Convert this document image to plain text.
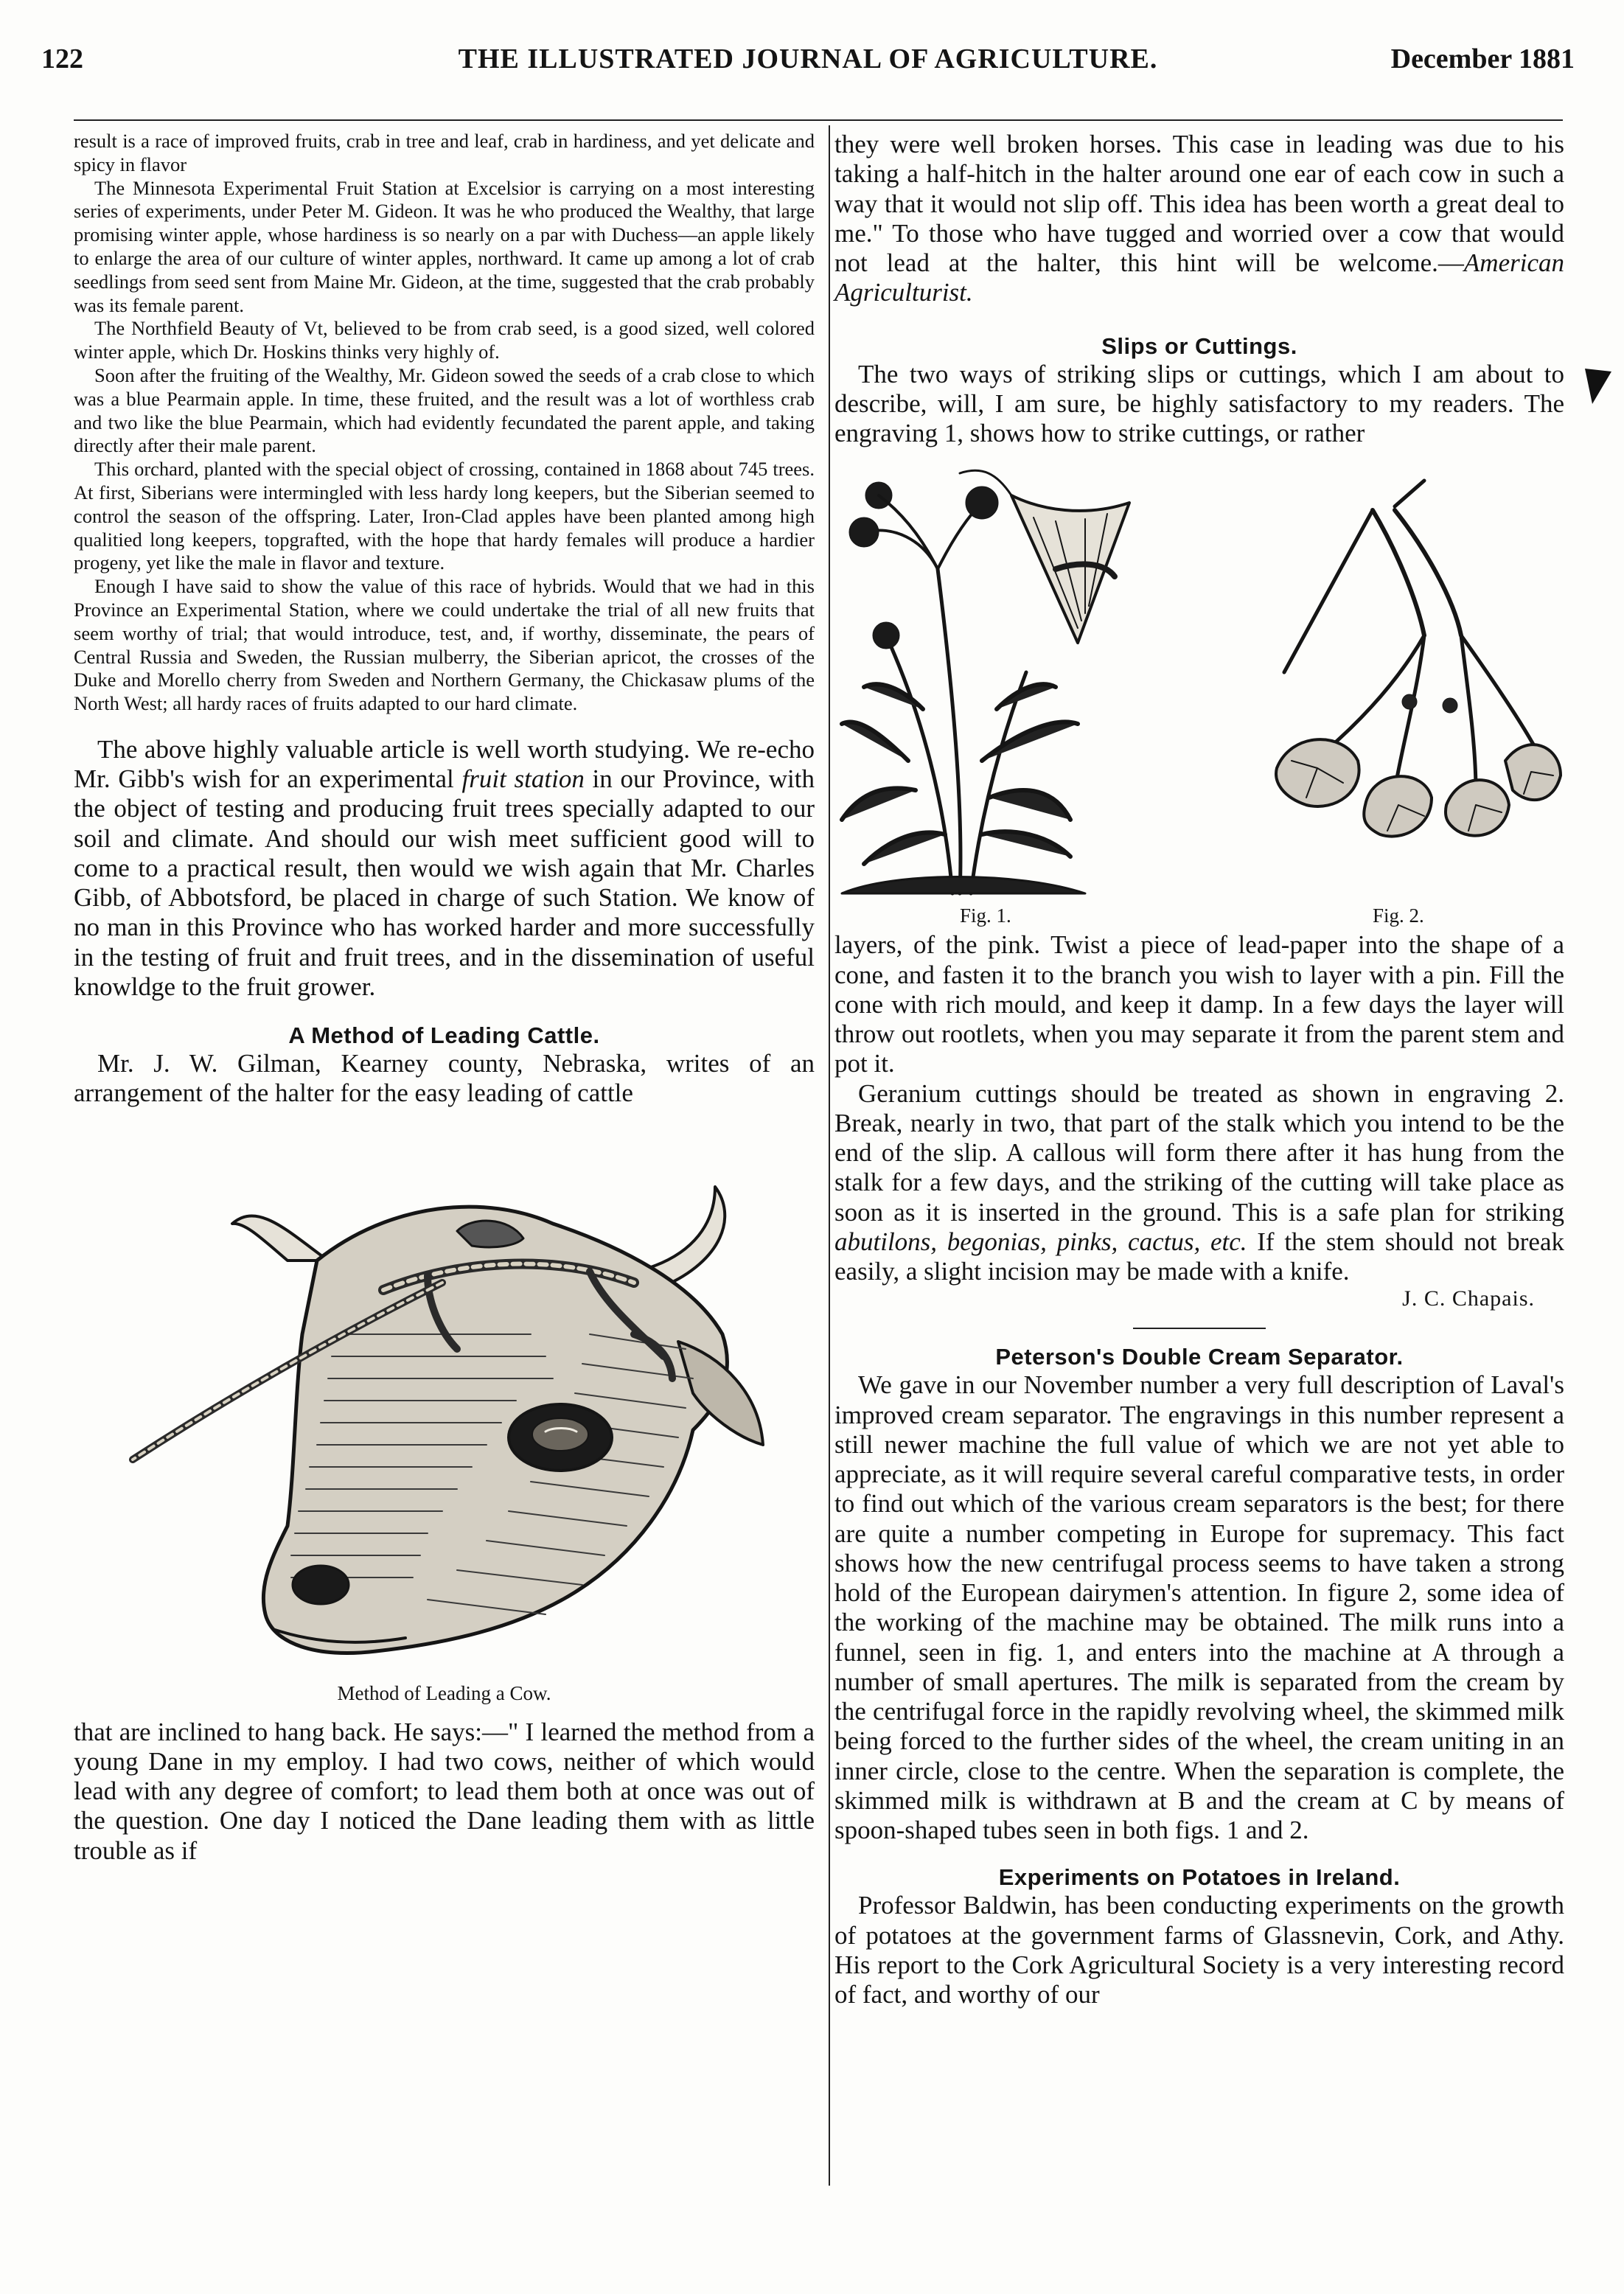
122	THE ILLUSTRATED JOURNAL OF AGRICULTURE.	December 1881

result is a race of improved fruits, crab in tree and leaf, crab in hardiness, and yet delicate and spicy in flavor

The Minnesota Experimental Fruit Station at Excelsior is carrying on a most interesting series of experiments, under Peter M. Gideon. It was he who produced the Wealthy, that large promising winter apple, whose hardiness is so nearly on a par with Duchess—an apple likely to enlarge the area of our culture of winter apples, northward. It came up among a lot of crab seedlings from seed sent from Maine Mr. Gideon, at the time, suggested that the crab probably was its female parent.

The Northfield Beauty of Vt, believed to be from crab seed, is a good sized, well colored winter apple, which Dr. Hoskins thinks very highly of.

Soon after the fruiting of the Wealthy, Mr. Gideon sowed the seeds of a crab close to which was a blue Pearmain apple. In time, these fruited, and the result was a lot of worthless crab and two like the blue Pearmain, which had evidently fecundated the parent apple, and taking directly after their male parent.

This orchard, planted with the special object of crossing, contained in 1868 about 745 trees. At first, Siberians were intermingled with less hardy long keepers, but the Siberian seemed to control the season of the offspring. Later, Iron-Clad apples have been planted among high qualitied long keepers, topgrafted, with the hope that hardy females will produce a hardier progeny, yet like the male in flavor and texture.

Enough I have said to show the value of this race of hybrids. Would that we had in this Province an Experimental Station, where we could undertake the trial of all new fruits that seem worthy of trial; that would introduce, test, and, if worthy, disseminate, the pears of Central Russia and Sweden, the Russian mulberry, the Siberian apricot, the crosses of the Duke and Morello cherry from Sweden and Northern Germany, the Chickasaw plums of the North West; all hardy races of fruits adapted to our hard climate.

The above highly valuable article is well worth studying. We re-echo Mr. Gibb's wish for an experimental fruit station in our Province, with the object of testing and producing fruit trees specially adapted to our soil and climate. And should our wish meet sufficient good will to come to a practical result, then would we wish again that Mr. Charles Gibb, of Abbotsford, be placed in charge of such Station. We know of no man in this Province who has worked harder and more successfully in the testing of fruit and fruit trees, and in the dissemination of useful knowldge to the fruit grower.

A Method of Leading Cattle.

Mr. J. W. Gilman, Kearney county, Nebraska, writes of an arrangement of the halter for the easy leading of cattle

Method of Leading a Cow.

that are inclined to hang back. He says:—" I learned the method from a young Dane in my employ. I had two cows, neither of which would lead with any degree of comfort; to lead them both at once was out of the question. One day I noticed the Dane leading them with as little trouble as if

they were well broken horses. This case in leading was due to his taking a half-hitch in the halter around one ear of each cow in such a way that it would not slip off. This idea has been worth a great deal to me." To those who have tugged and worried over a cow that would not lead at the halter, this hint will be welcome.—American Agriculturist.

Slips or Cuttings.

The two ways of striking slips or cuttings, which I am about to describe, will, I am sure, be highly satisfactory to my readers. The engraving 1, shows how to strike cuttings, or rather

Fig. 1.	Fig. 2.

layers, of the pink. Twist a piece of lead-paper into the shape of a cone, and fasten it to the branch you wish to layer with a pin. Fill the cone with rich mould, and keep it damp. In a few days the layer will throw out rootlets, when you may separate it from the parent stem and pot it.

Geranium cuttings should be treated as shown in engraving 2. Break, nearly in two, that part of the stalk which you intend to be the end of the slip. A callous will form there after it has hung from the stalk for a few days, and the striking of the cutting will take place as soon as it is inserted in the ground. This is a safe plan for striking abutilons, begonias, pinks, cactus, etc. If the stem should not break easily, a slight incision may be made with a knife.

J. C. Chapais.
Peterson's Double Cream Separator.

We gave in our November number a very full description of Laval's improved cream separator. The engravings in this number represent a still newer machine the full value of which we are not yet able to appreciate, as it will require several careful comparative tests, in order to find out which of the various cream separators is the best; for there are quite a number competing in Europe for supremacy. This fact shows how the new centrifugal process seems to have taken a strong hold of the European dairymen's attention. In figure 2, some idea of the working of the machine may be obtained. The milk runs into a funnel, seen in fig. 1, and enters into the machine at A through a number of small apertures. The milk is separated from the cream by the centrifugal force in the rapidly revolving wheel, the skimmed milk being forced to the further sides of the wheel, the cream uniting in an inner circle, close to the centre. When the separation is complete, the skimmed milk is withdrawn at B and the cream at C by means of spoon-shaped tubes seen in both figs. 1 and 2.

Experiments on Potatoes in Ireland.

Professor Baldwin, has been conducting experiments on the growth of potatoes at the government farms of Glassnevin, Cork, and Athy. His report to the Cork Agricultural Society is a very interesting record of fact, and worthy of our
